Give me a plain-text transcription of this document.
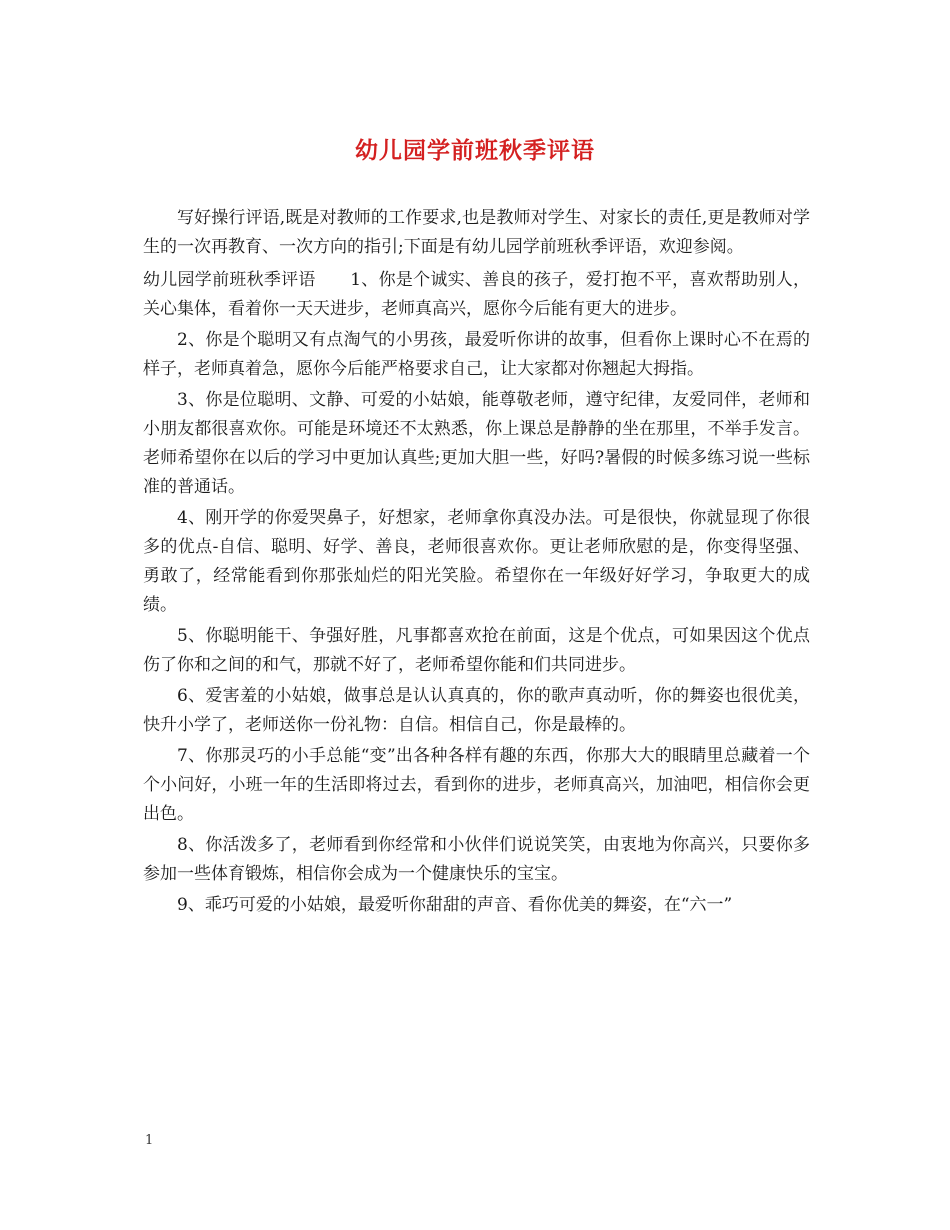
幼儿园学前班秋季评语

写好操行评语,既是对教师的工作要求,也是教师对学生、对家长的责任,更是教师对学生的一次再教育、一次方向的指引;下面是有幼儿园学前班秋季评语，欢迎参阅。

幼儿园学前班秋季评语　　1、你是个诚实、善良的孩子，爱打抱不平，喜欢帮助别人，关心集体，看着你一天天进步，老师真高兴，愿你今后能有更大的进步。

2、你是个聪明又有点淘气的小男孩，最爱听你讲的故事，但看你上课时心不在焉的样子，老师真着急，愿你今后能严格要求自己，让大家都对你翘起大拇指。

3、你是位聪明、文静、可爱的小姑娘，能尊敬老师，遵守纪律，友爱同伴，老师和小朋友都很喜欢你。可能是环境还不太熟悉，你上课总是静静的坐在那里，不举手发言。老师希望你在以后的学习中更加认真些;更加大胆一些，好吗?暑假的时候多练习说一些标准的普通话。

4、刚开学的你爱哭鼻子，好想家，老师拿你真没办法。可是很快，你就显现了你很多的优点-自信、聪明、好学、善良，老师很喜欢你。更让老师欣慰的是，你变得坚强、勇敢了，经常能看到你那张灿烂的阳光笑脸。希望你在一年级好好学习，争取更大的成绩。

5、你聪明能干、争强好胜，凡事都喜欢抢在前面，这是个优点，可如果因这个优点伤了你和之间的和气，那就不好了，老师希望你能和们共同进步。

6、爱害羞的小姑娘，做事总是认认真真的，你的歌声真动听，你的舞姿也很优美，快升小学了，老师送你一份礼物：自信。相信自己，你是最棒的。

7、你那灵巧的小手总能“变”出各种各样有趣的东西，你那大大的眼睛里总藏着一个个小问好，小班一年的生活即将过去，看到你的进步，老师真高兴，加油吧，相信你会更出色。

8、你活泼多了，老师看到你经常和小伙伴们说说笑笑，由衷地为你高兴，只要你多参加一些体育锻炼，相信你会成为一个健康快乐的宝宝。

9、乖巧可爱的小姑娘，最爱听你甜甜的声音、看你优美的舞姿，在“六一”

1
